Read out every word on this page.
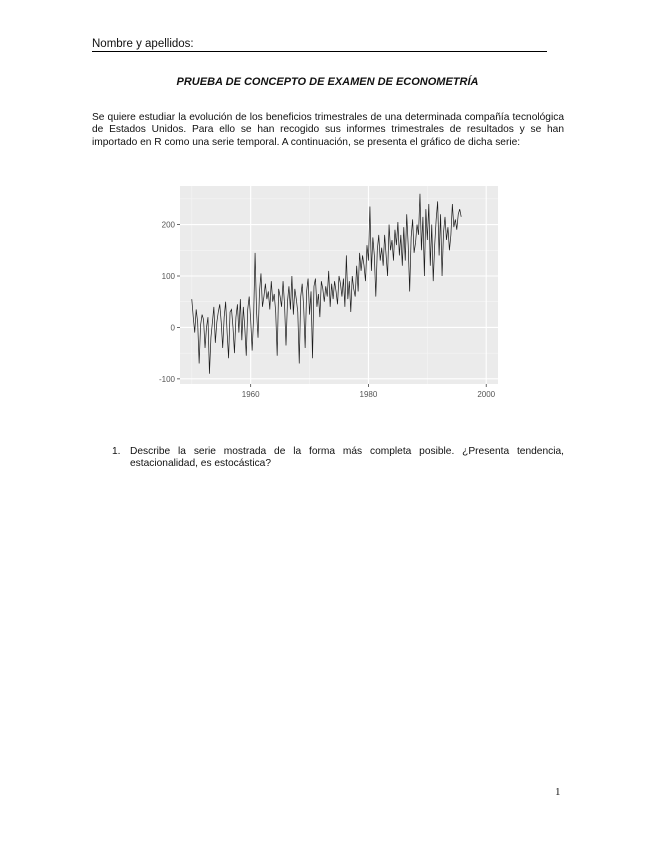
Nombre y apellidos:
PRUEBA DE CONCEPTO DE EXAMEN DE ECONOMETRÍA
Se quiere estudiar la evolución de los beneficios trimestrales de una determinada compañía tecnológica de Estados Unidos. Para ello se han recogido sus informes trimestrales de resultados y se han importado en R como una serie temporal. A continuación, se presenta el gráfico de dicha serie:
-100
0
100
200
1960	1980	2000
1. Describe la serie mostrada de la forma más completa posible. ¿Presenta tendencia, estacionalidad, es estocástica?
1
